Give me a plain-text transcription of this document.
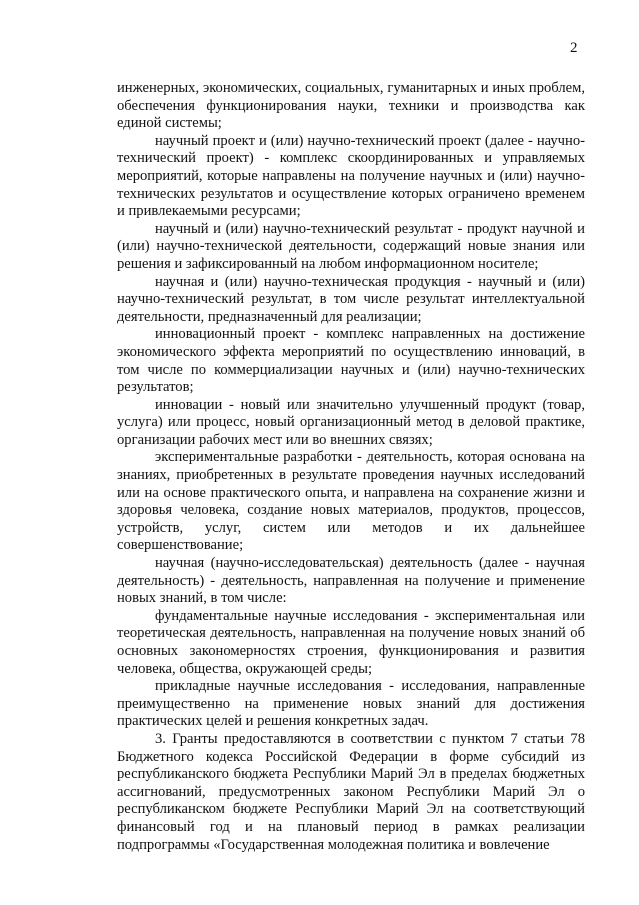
2

инженерных, экономических, социальных, гуманитарных и иных проблем, обеспечения функционирования науки, техники и производства как единой системы;

научный проект и (или) научно-технический проект (далее - научно-технический проект) - комплекс скоординированных и управляемых мероприятий, которые направлены на получение научных и (или) научно-технических результатов и осуществление которых ограничено временем и привлекаемыми ресурсами;

научный и (или) научно-технический результат - продукт научной и (или) научно-технической деятельности, содержащий новые знания или решения и зафиксированный на любом информационном носителе;

научная и (или) научно-техническая продукция - научный и (или) научно-технический результат, в том числе результат интеллектуальной деятельности, предназначенный для реализации;

инновационный проект - комплекс направленных на достижение экономического эффекта мероприятий по осуществлению инноваций, в том числе по коммерциализации научных и (или) научно-технических результатов;

инновации - новый или значительно улучшенный продукт (товар, услуга) или процесс, новый организационный метод в деловой практике, организации рабочих мест или во внешних связях;

экспериментальные разработки - деятельность, которая основана на знаниях, приобретенных в результате проведения научных исследований или на основе практического опыта, и направлена на сохранение жизни и здоровья человека, создание новых материалов, продуктов, процессов, устройств, услуг, систем или методов и их дальнейшее совершенствование;

научная (научно-исследовательская) деятельность (далее - научная деятельность) - деятельность, направленная на получение и применение новых знаний, в том числе:

фундаментальные научные исследования - экспериментальная или теоретическая деятельность, направленная на получение новых знаний об основных закономерностях строения, функционирования и развития человека, общества, окружающей среды;

прикладные научные исследования - исследования, направленные преимущественно на применение новых знаний для достижения практических целей и решения конкретных задач.

3. Гранты предоставляются в соответствии с пунктом 7 статьи 78 Бюджетного кодекса Российской Федерации в форме субсидий из республиканского бюджета Республики Марий Эл в пределах бюджетных ассигнований, предусмотренных законом Республики Марий Эл о республиканском бюджете Республики Марий Эл на соответствующий финансовый год и на плановый период в рамках реализации подпрограммы «Государственная молодежная политика и вовлечение
